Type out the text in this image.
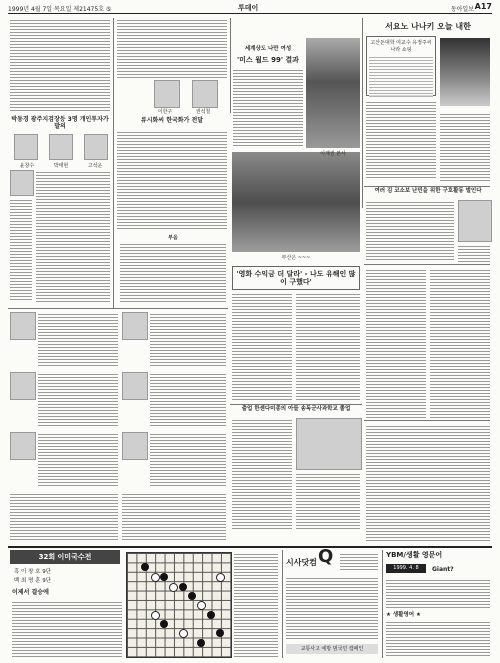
1999년 4월 7일 목요일 제21475호 ⑤	투데이	동아일보 A17
박동경 광주지검장등 3명 개인투자가 발의
윤창수	박태현	고석운
이한구	권석철
류시화씨 한국화가 전달
세계상도 나만 여성
'미스 월드 99' 결과
서요노 나나키 오늘 내한
고산돈대학 여교수 유정주씨 나라 쇼핑
여러 김 코소보 난민을 위한 구호활동 벌인다
부산은 ~~~
'영화 수익금 더 달라' - 나도 유해인 많이 구했다'
출업 한센다미종의 아들 송독군사과학교 졸업
32회 이미국수전
흑 이 창 호 9단
백 최 명 훈 9단
이제서 결승에
시사닷컴 Q
교통사고 예방 범국민 캠페인
YBM/생활 영문어
1999. 4. 8	Giant?
★ 생활영어 ★
부음
이재권 본사
